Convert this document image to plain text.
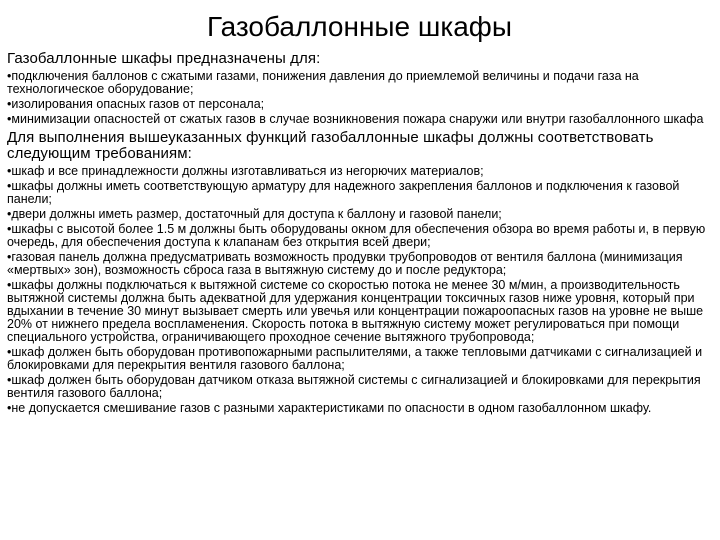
Газобаллонные шкафы

Газобаллонные шкафы предназначены для:

•подключения баллонов с сжатыми газами, понижения давления до приемлемой величины и подачи газа на технологическое оборудование;
•изолирования опасных газов от персонала;
•минимизации опасностей от сжатых газов в случае возникновения пожара снаружи или внутри газобаллонного шкафа

Для выполнения вышеуказанных функций газобаллонные шкафы должны соответствовать следующим требованиям:

•шкаф и все принадлежности должны изготавливаться из негорючих материалов;
•шкафы должны иметь соответствующую арматуру для надежного закрепления баллонов и подключения к газовой панели;
•двери должны иметь размер, достаточный для доступа к баллону и газовой панели;
•шкафы с высотой более 1.5 м должны быть оборудованы окном для обеспечения обзора во время работы и, в первую очередь, для обеспечения доступа к клапанам без открытия всей двери;
•газовая панель должна предусматривать возможность продувки трубопроводов от вентиля баллона (минимизация «мертвых» зон), возможность сброса газа в вытяжную систему до и после редуктора;
•шкафы должны подключаться к вытяжной системе со скоростью потока не менее 30 м/мин, а производительность вытяжной системы должна быть адекватной для удержания концентрации токсичных газов ниже уровня, который при вдыхании в течение 30 минут вызывает смерть или увечья или концентрации пожароопасных газов на уровне не выше 20% от нижнего предела воспламенения. Скорость потока в вытяжную систему может регулироваться при помощи специального устройства, ограничивающего проходное сечение вытяжного трубопровода;
•шкаф должен быть оборудован противопожарными распылителями, а также тепловыми датчиками с сигнализацией и блокировками для перекрытия вентиля газового баллона;
•шкаф должен быть оборудован датчиком отказа вытяжной системы с сигнализацией и блокировками для перекрытия вентиля газового баллона;
•не допускается смешивание газов с разными характеристиками по опасности в одном газобаллонном шкафу.
